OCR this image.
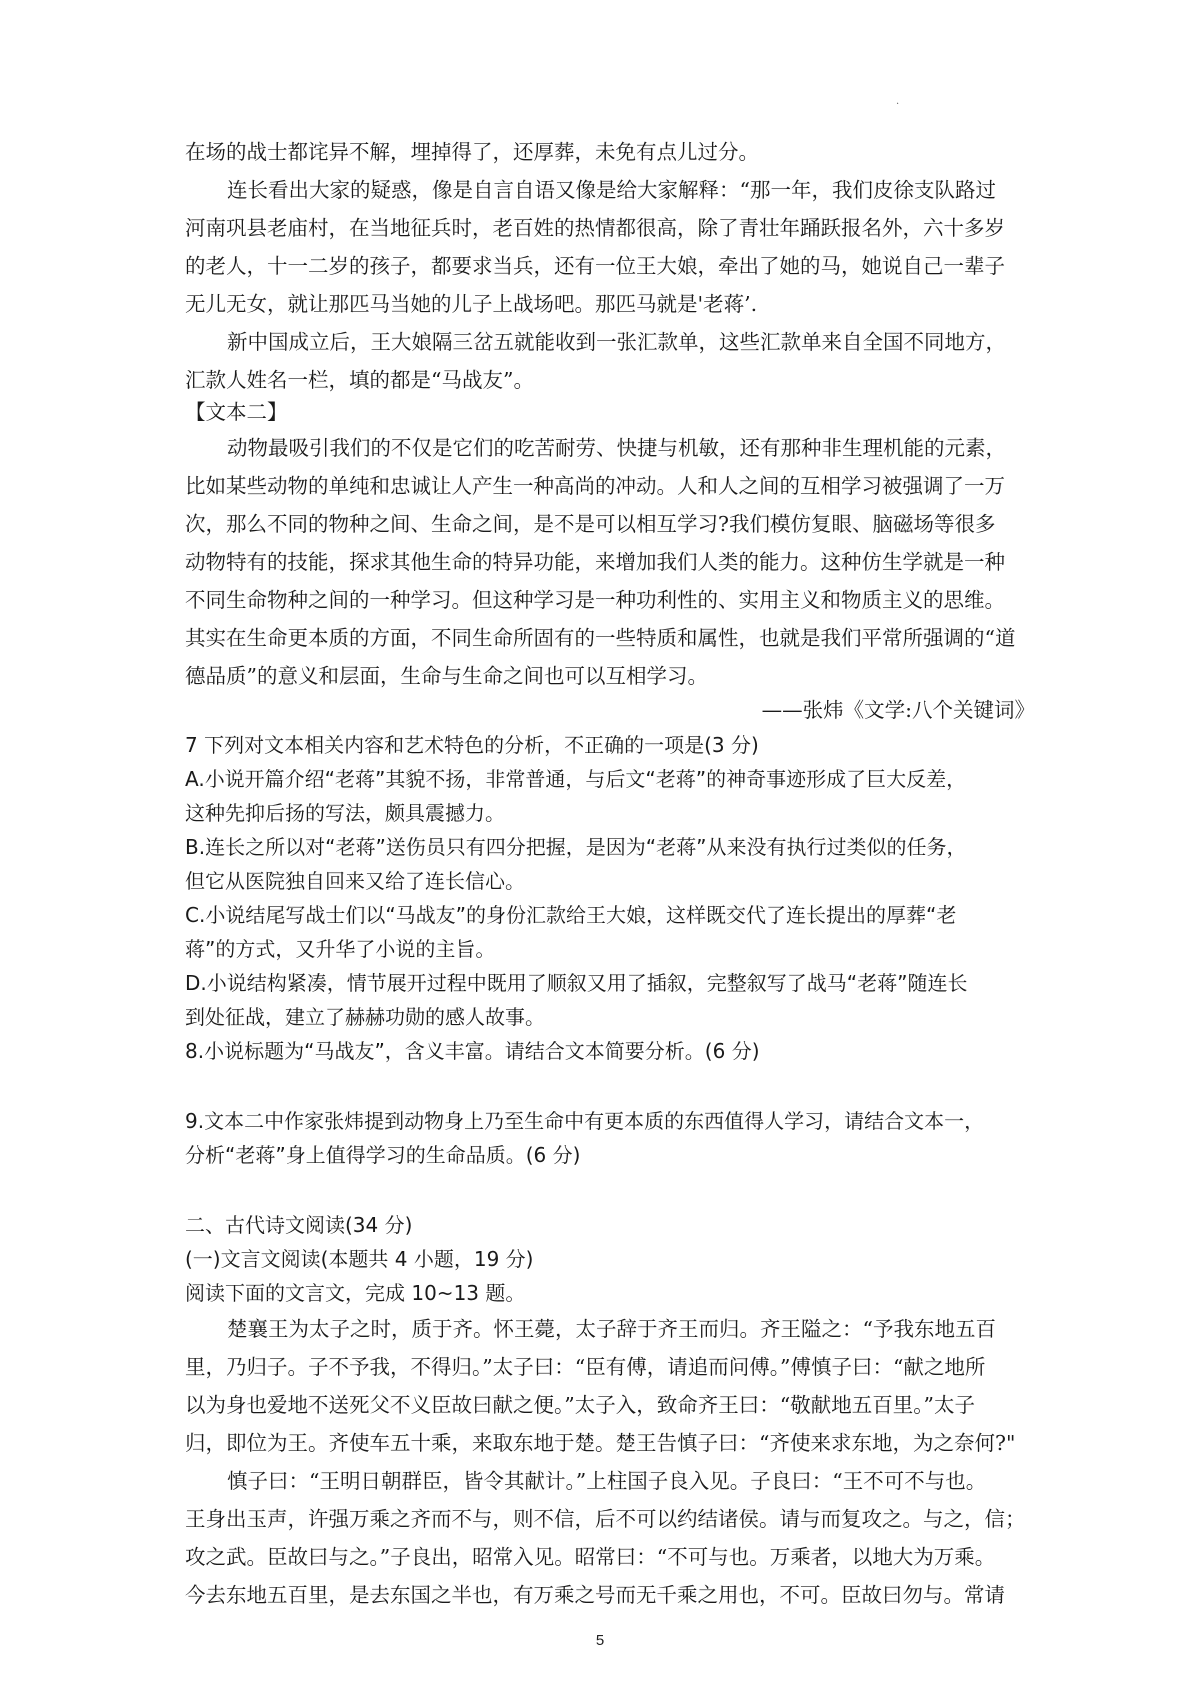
.
在场的战士都诧异不解，埋掉得了，还厚葬，未免有点儿过分。
连长看出大家的疑惑，像是自言自语又像是给大家解释：“那一年，我们皮徐支队路过
河南巩县老庙村，在当地征兵时，老百姓的热情都很高，除了青壮年踊跃报名外，六十多岁
的老人，十一二岁的孩子，都要求当兵，还有一位王大娘，牵出了她的马，她说自己一辈子
无儿无女，就让那匹马当她的儿子上战场吧。那匹马就是'老蒋’.
新中国成立后，王大娘隔三岔五就能收到一张汇款单，这些汇款单来自全国不同地方，
汇款人姓名一栏，填的都是“马战友”。
【文本二】
动物最吸引我们的不仅是它们的吃苦耐劳、快捷与机敏，还有那种非生理机能的元素，
比如某些动物的单纯和忠诚让人产生一种高尚的冲动。人和人之间的互相学习被强调了一万
次，那么不同的物种之间、生命之间，是不是可以相互学习?我们模仿复眼、脑磁场等很多
动物特有的技能，探求其他生命的特异功能，来增加我们人类的能力。这种仿生学就是一种
不同生命物种之间的一种学习。但这种学习是一种功利性的、实用主义和物质主义的思维。
其实在生命更本质的方面，不同生命所固有的一些特质和属性，也就是我们平常所强调的“道
德品质”的意义和层面，生命与生命之间也可以互相学习。
——张炜《文学:八个关键词》
7 下列对文本相关内容和艺术特色的分析，不正确的一项是(3 分)
A.小说开篇介绍“老蒋”其貌不扬，非常普通，与后文“老蒋”的神奇事迹形成了巨大反差，
这种先抑后扬的写法，颇具震撼力。
B.连长之所以对“老蒋”送伤员只有四分把握，是因为“老蒋”从来没有执行过类似的任务，
但它从医院独自回来又给了连长信心。
C.小说结尾写战士们以“马战友”的身份汇款给王大娘，这样既交代了连长提出的厚葬“老
蒋”的方式，又升华了小说的主旨。
D.小说结构紧凑，情节展开过程中既用了顺叙又用了插叙，完整叙写了战马“老蒋”随连长
到处征战，建立了赫赫功勋的感人故事。
8.小说标题为“马战友”，含义丰富。请结合文本简要分析。(6 分)
9.文本二中作家张炜提到动物身上乃至生命中有更本质的东西值得人学习，请结合文本一，
分析“老蒋”身上值得学习的生命品质。(6 分)
二、古代诗文阅读(34 分)
(一)文言文阅读(本题共 4 小题，19 分)
阅读下面的文言文，完成 10~13 题。
楚襄王为太子之时，质于齐。怀王薨，太子辞于齐王而归。齐王隘之：“予我东地五百
里，乃归子。子不予我，不得归。”太子曰：“臣有傅，请追而问傅。”傅慎子曰：“献之地所
以为身也爱地不送死父不义臣故曰献之便。”太子入，致命齐王曰：“敬献地五百里。”太子
归，即位为王。齐使车五十乘，来取东地于楚。楚王告慎子曰：“齐使来求东地，为之奈何?"
慎子曰：“王明日朝群臣，皆令其献计。”上柱国子良入见。子良曰：“王不可不与也。
王身出玉声，许强万乘之齐而不与，则不信，后不可以约结诸侯。请与而复攻之。与之，信；
攻之武。臣故曰与之。”子良出，昭常入见。昭常曰：“不可与也。万乘者，以地大为万乘。
今去东地五百里，是去东国之半也，有万乘之号而无千乘之用也，不可。臣故曰勿与。常请
5
